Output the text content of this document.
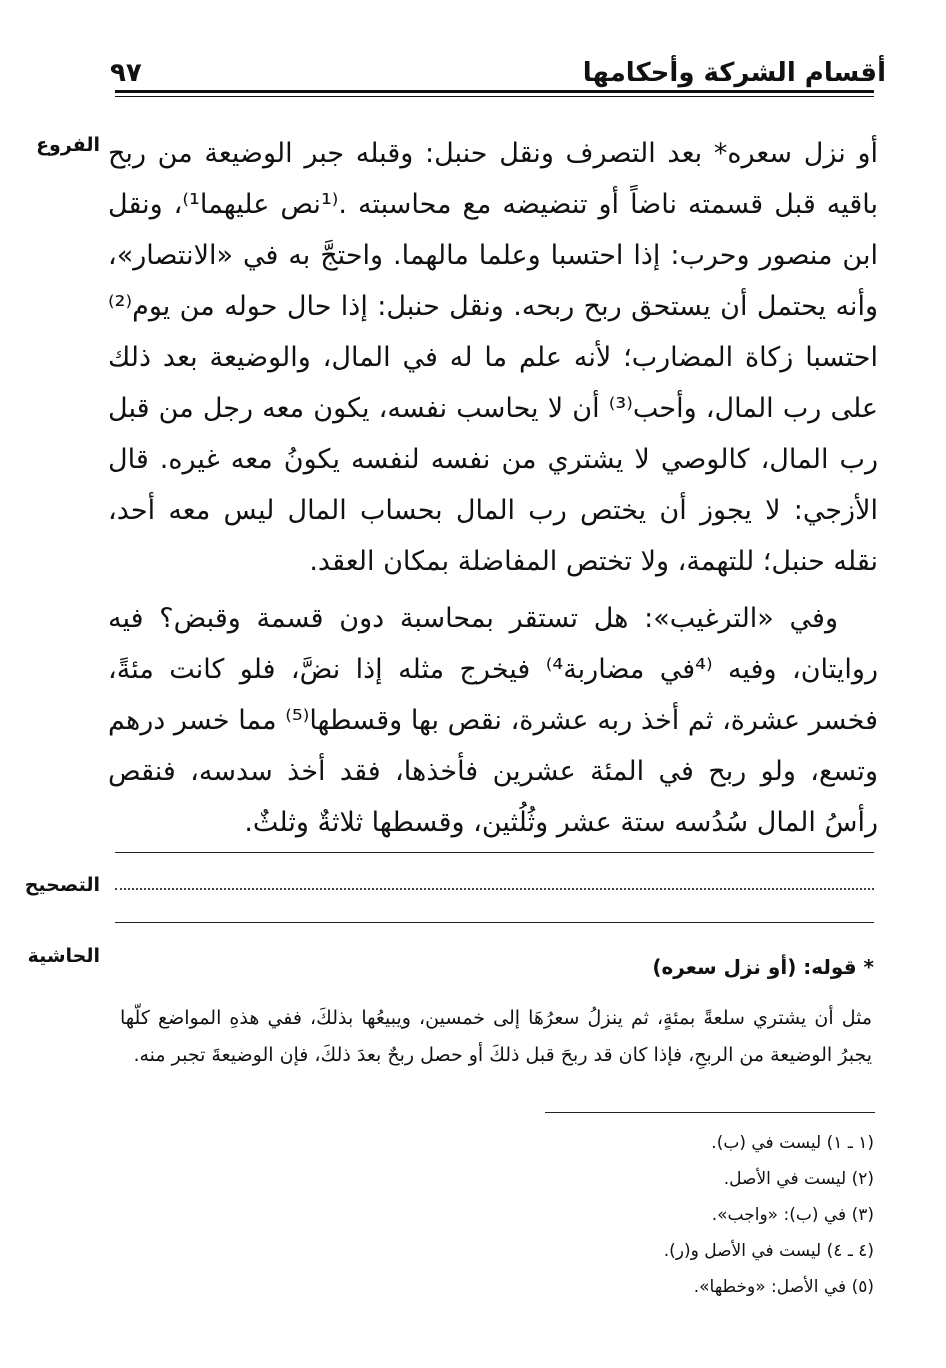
أقسام الشركة وأحكامها
٩٧
الفروع أو نزل سعره* بعد التصرف ونقل حنبل: وقبله جبر الوضيعة من ربح باقيه قبل قسمته ناضاً أو تنضيضه مع محاسبته .⁽¹نص عليهما¹⁾، ونقل ابن منصور وحرب: إذا احتسبا وعلما مالهما. واحتجَّ به في «الانتصار»، وأنه يحتمل أن يستحق ربح ربحه. ونقل حنبل: إذا حال حوله من يوم⁽²⁾ احتسبا زكاة المضارب؛ لأنه علم ما له في المال، والوضيعة بعد ذلك على رب المال، وأحب⁽³⁾ أن لا يحاسب نفسه، يكون معه رجل من قبل رب المال، كالوصي لا يشتري من نفسه لنفسه يكونُ معه غيره. قال الأزجي: لا يجوز أن يختص رب المال بحساب المال ليس معه أحد، نقله حنبل؛ للتهمة، ولا تختص المفاضلة بمكان العقد.

وفي «الترغيب»: هل تستقر بمحاسبة دون قسمة وقبض؟ فيه روايتان، وفيه ⁽⁴في مضاربة⁴⁾ فيخرج مثله إذا نضَّ، فلو كانت مئةً، فخسر عشرة، ثم أخذ ربه عشرة، نقص بها وقسطها⁽⁵⁾ مما خسر درهم وتسع، ولو ربح في المئة عشرين فأخذها، فقد أخذ سدسه، فنقص رأسُ المال سُدُسه ستة عشر وثُلُثين، وقسطها ثلاثةٌ وثلثٌ.

التصحيح
الحاشية	* قوله: (أو نزل سعره)
مثل أن يشتري سلعةً بمئةٍ، ثم ينزلُ سعرُهَا إلى خمسين، ويبيعُها بذلكَ، ففي هذهِ المواضع كلّها يجبرُ الوضيعة من الربحِ، فإذا كان قد ربحَ قبل ذلكَ أو حصل ربحٌ بعدَ ذلكَ، فإن الوضيعةَ تجبر منه.
(١ ـ ١) ليست في (ب).
(٢) ليست في الأصل.
(٣) في (ب): «واجب».
(٤ ـ ٤) ليست في الأصل و(ر).
(٥) في الأصل: «وخطها».
